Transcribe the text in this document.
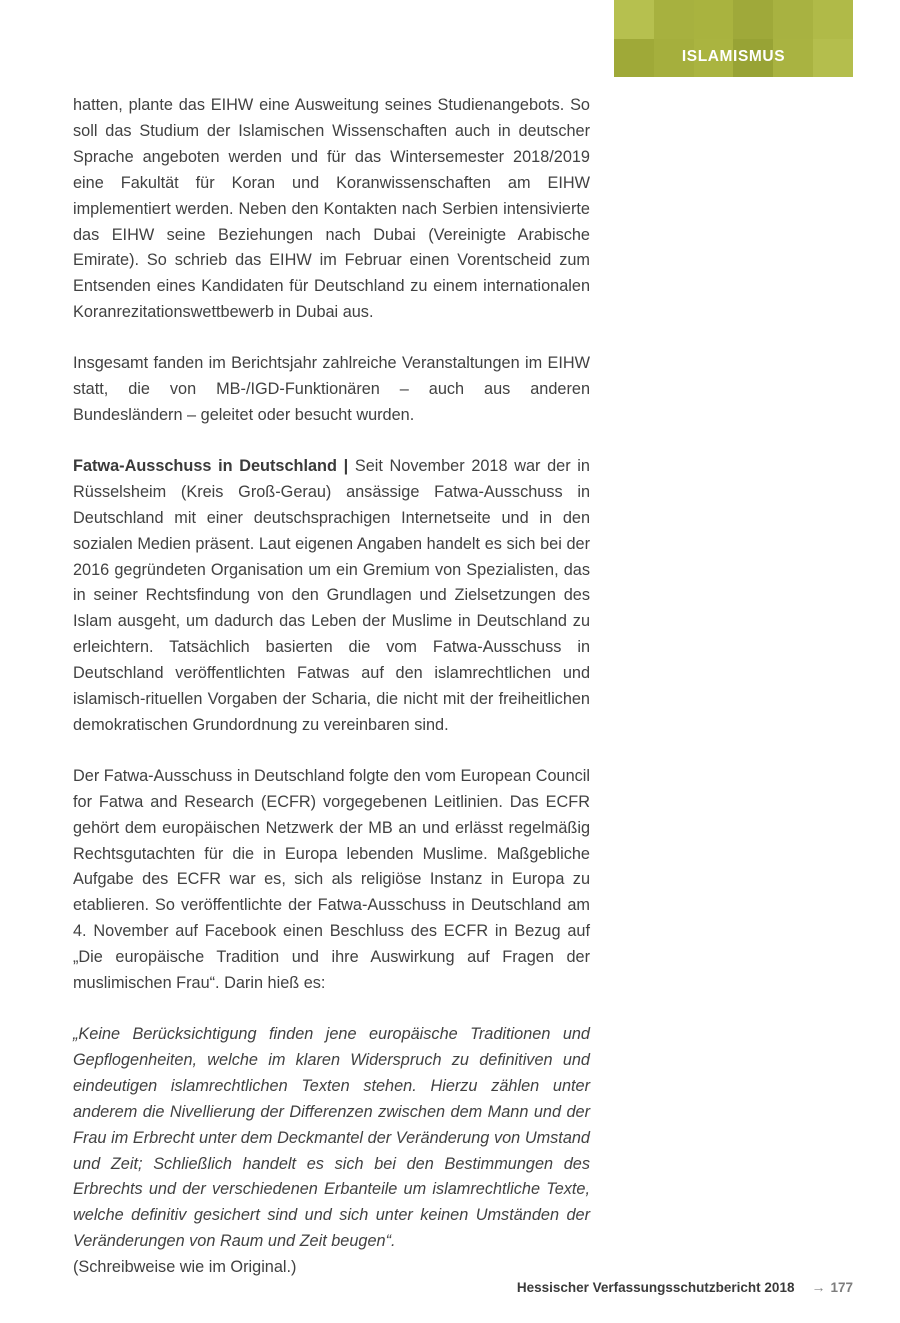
ISLAMISMUS

hatten, plante das EIHW eine Ausweitung seines Studienangebots. So soll das Studium der Islamischen Wissenschaften auch in deutscher Sprache angeboten werden und für das Wintersemester 2018/2019 eine Fakultät für Koran und Koranwissenschaften am EIHW implementiert werden. Neben den Kontakten nach Serbien intensivierte das EIHW seine Beziehungen nach Dubai (Vereinigte Arabische Emirate). So schrieb das EIHW im Februar einen Vorentscheid zum Entsenden eines Kandidaten für Deutschland zu einem internationalen Koranrezitationswettbewerb in Dubai aus.

Insgesamt fanden im Berichtsjahr zahlreiche Veranstaltungen im EIHW statt, die von MB-/IGD-Funktionären – auch aus anderen Bundesländern – geleitet oder besucht wurden.

Fatwa-Ausschuss in Deutschland | Seit November 2018 war der in Rüsselsheim (Kreis Groß-Gerau) ansässige Fatwa-Ausschuss in Deutschland mit einer deutschsprachigen Internetseite und in den sozialen Medien präsent. Laut eigenen Angaben handelt es sich bei der 2016 gegründeten Organisation um ein Gremium von Spezialisten, das in seiner Rechtsfindung von den Grundlagen und Zielsetzungen des Islam ausgeht, um dadurch das Leben der Muslime in Deutschland zu erleichtern. Tatsächlich basierten die vom Fatwa-Ausschuss in Deutschland veröffentlichten Fatwas auf den islamrechtlichen und islamisch-rituellen Vorgaben der Scharia, die nicht mit der freiheitlichen demokratischen Grundordnung zu vereinbaren sind.

Der Fatwa-Ausschuss in Deutschland folgte den vom European Council for Fatwa and Research (ECFR) vorgegebenen Leitlinien. Das ECFR gehört dem europäischen Netzwerk der MB an und erlässt regelmäßig Rechtsgutachten für die in Europa lebenden Muslime. Maßgebliche Aufgabe des ECFR war es, sich als religiöse Instanz in Europa zu etablieren. So veröffentlichte der Fatwa-Ausschuss in Deutschland am 4. November auf Facebook einen Beschluss des ECFR in Bezug auf „Die europäische Tradition und ihre Auswirkung auf Fragen der muslimischen Frau“. Darin hieß es:

„Keine Berücksichtigung finden jene europäische Traditionen und Gepflogenheiten, welche im klaren Widerspruch zu definitiven und eindeutigen islamrechtlichen Texten stehen. Hierzu zählen unter anderem die Nivellierung der Differenzen zwischen dem Mann und der Frau im Erbrecht unter dem Deckmantel der Veränderung von Umstand und Zeit; Schließlich handelt es sich bei den Bestimmungen des Erbrechts und der verschiedenen Erbanteile um islamrechtliche Texte, welche definitiv gesichert sind und sich unter keinen Umständen der Veränderungen von Raum und Zeit beugen“.

(Schreibweise wie im Original.)

Hessischer Verfassungsschutzbericht 2018 → 177
